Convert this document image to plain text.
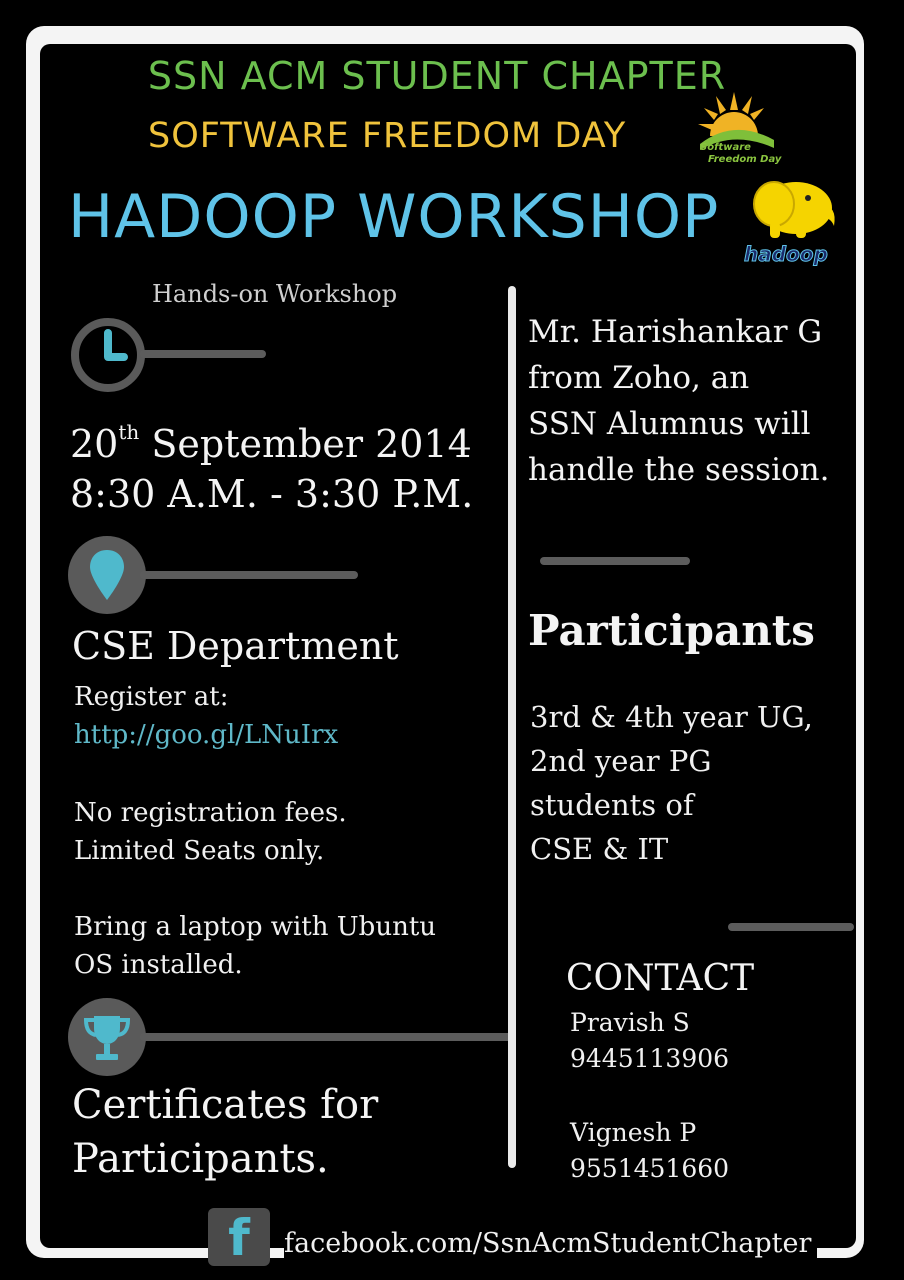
SSN ACM STUDENT CHAPTER
SOFTWARE FREEDOM DAY	Software
Freedom Day
HADOOP WORKSHOP
hadoop
Hands-on Workshop
20th September 2014
8:30 A.M. - 3:30 P.M.
CSE Department
Register at:
http://goo.gl/LNuIrx
No registration fees.
Limited Seats only.
Bring a laptop with Ubuntu
OS installed.
Certificates for
Participants.
Mr. Harishankar G
from Zoho, an
SSN Alumnus will
handle the session.
Participants
3rd & 4th year UG,
2nd year PG
students of
CSE & IT
CONTACT
Pravish S
9445113906
Vignesh P
9551451660
f	facebook.com/SsnAcmStudentChapter
